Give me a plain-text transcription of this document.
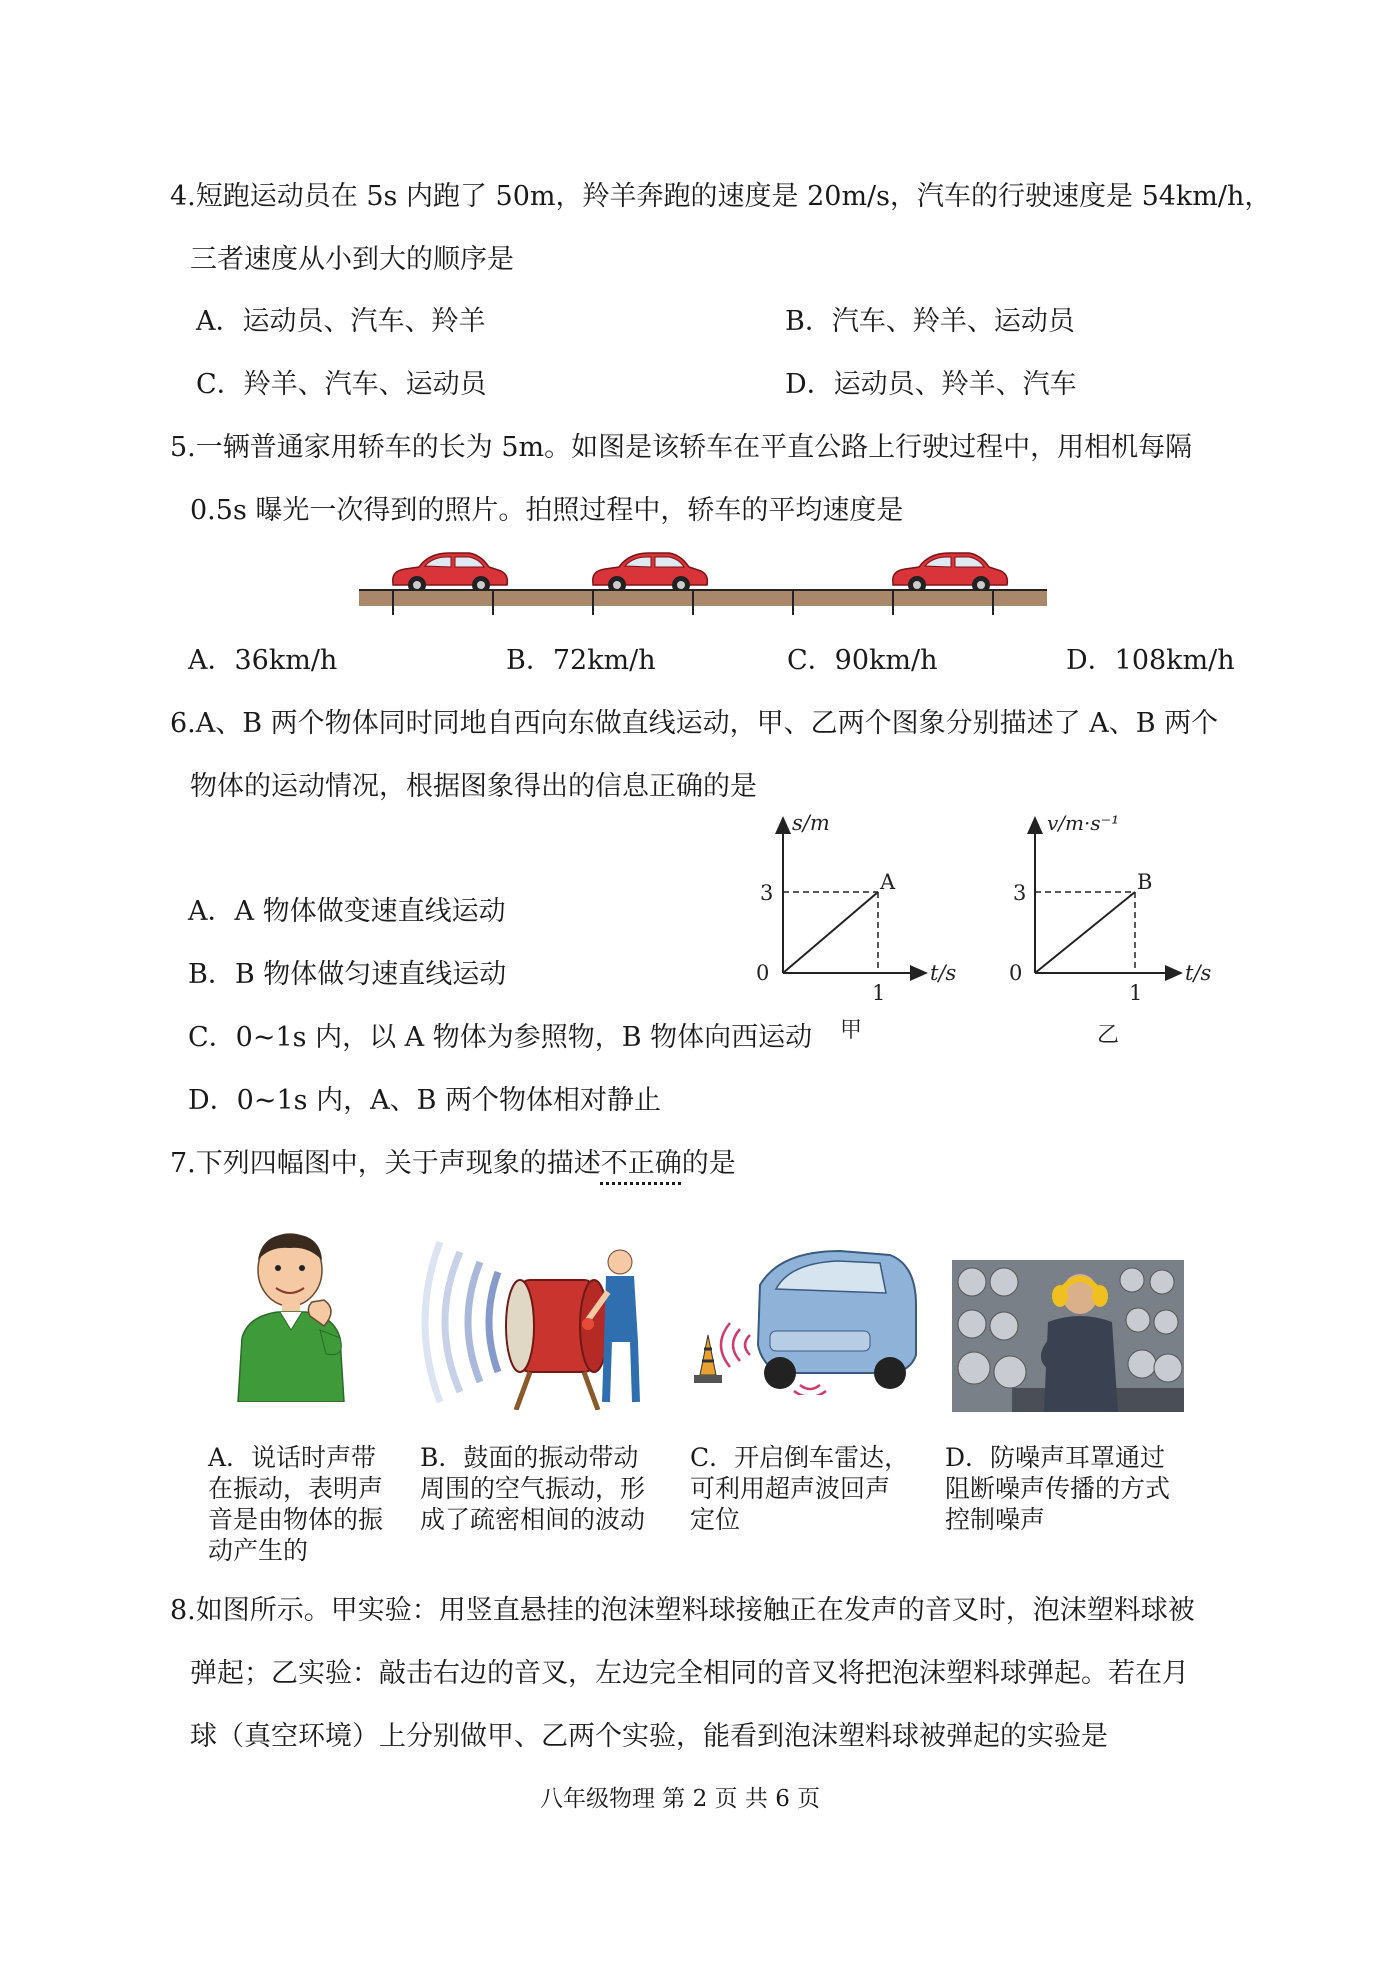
4.短跑运动员在 5s 内跑了 50m，羚羊奔跑的速度是 20m/s，汽车的行驶速度是 54km/h，
三者速度从小到大的顺序是
A．运动员、汽车、羚羊	B．汽车、羚羊、运动员
C．羚羊、汽车、运动员	D．运动员、羚羊、汽车
5.一辆普通家用轿车的长为 5m。如图是该轿车在平直公路上行驶过程中，用相机每隔
0.5s 曝光一次得到的照片。拍照过程中，轿车的平均速度是
A．36km/h	B．72km/h	C．90km/h	D．108km/h
6.A、B 两个物体同时同地自西向东做直线运动，甲、乙两个图象分别描述了 A、B 两个
物体的运动情况，根据图象得出的信息正确的是
A．A 物体做变速直线运动
B．B 物体做匀速直线运动
C．0~1s 内，以 A 物体为参照物，B 物体向西运动
D．0~1s 内，A、B 两个物体相对静止
s/m
t/s
3
1
0
A
甲
v/m·s⁻¹
t/s
3
1
0
B
乙
7.下列四幅图中，关于声现象的描述不正确的是
A．说话时声带
在振动，表明声
音是由物体的振
动产生的
B．鼓面的振动带动
周围的空气振动，形
成了疏密相间的波动
C．开启倒车雷达，
可利用超声波回声
定位
D．防噪声耳罩通过
阻断噪声传播的方式
控制噪声
8.如图所示。甲实验：用竖直悬挂的泡沫塑料球接触正在发声的音叉时，泡沫塑料球被
弹起；乙实验：敲击右边的音叉，左边完全相同的音叉将把泡沫塑料球弹起。若在月
球（真空环境）上分别做甲、乙两个实验，能看到泡沫塑料球被弹起的实验是
八年级物理 第 2 页 共 6 页
